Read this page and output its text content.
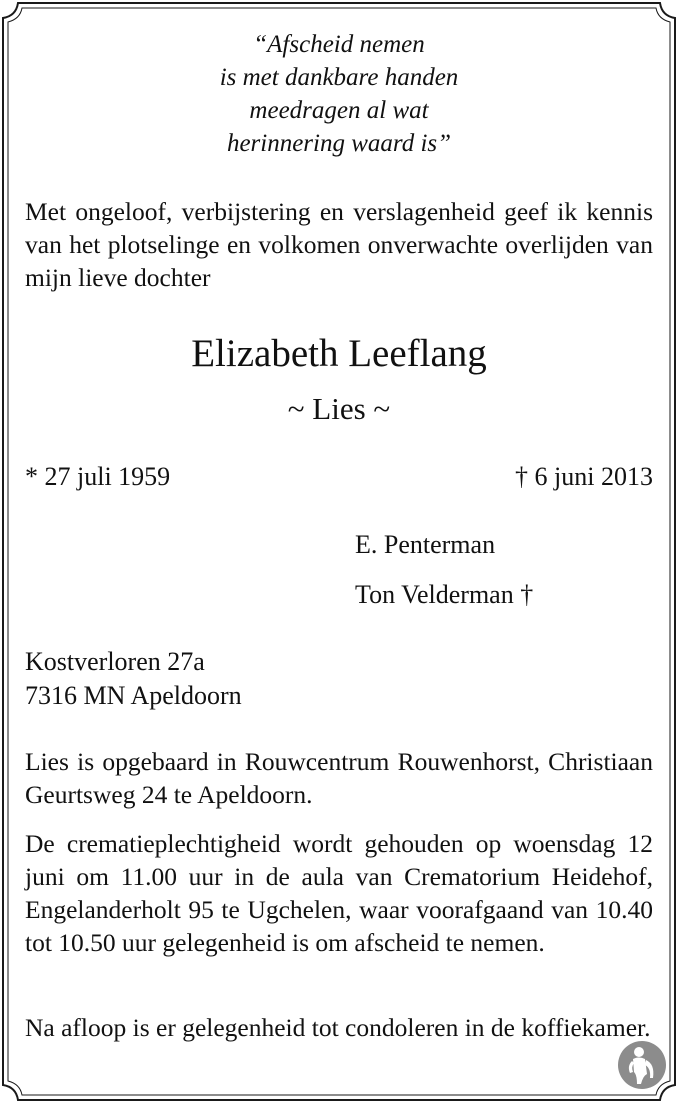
“Afscheid nemen
is met dankbare handen
meedragen al wat
herinnering waard is”
Met ongeloof, verbijstering en verslagenheid geef ik kennis van het plotselinge en volkomen onverwachte overlijden van mijn lieve dochter
Elizabeth Leeflang
~ Lies ~
* 27 juli 1959	† 6 juni 2013
E. Penterman
Ton Velderman †
Kostverloren 27a
7316 MN Apeldoorn
Lies is opgebaard in Rouwcentrum Rouwenhorst, Christiaan Geurtsweg 24 te Apeldoorn.
De crematieplechtigheid wordt gehouden op woensdag 12 juni om 11.00 uur in de aula van Crematorium Heidehof, Engelanderholt 95 te Ugchelen, waar voorafgaand van 10.40 tot 10.50 uur gelegenheid is om afscheid te nemen.
Na afloop is er gelegenheid tot condoleren in de koffiekamer.
